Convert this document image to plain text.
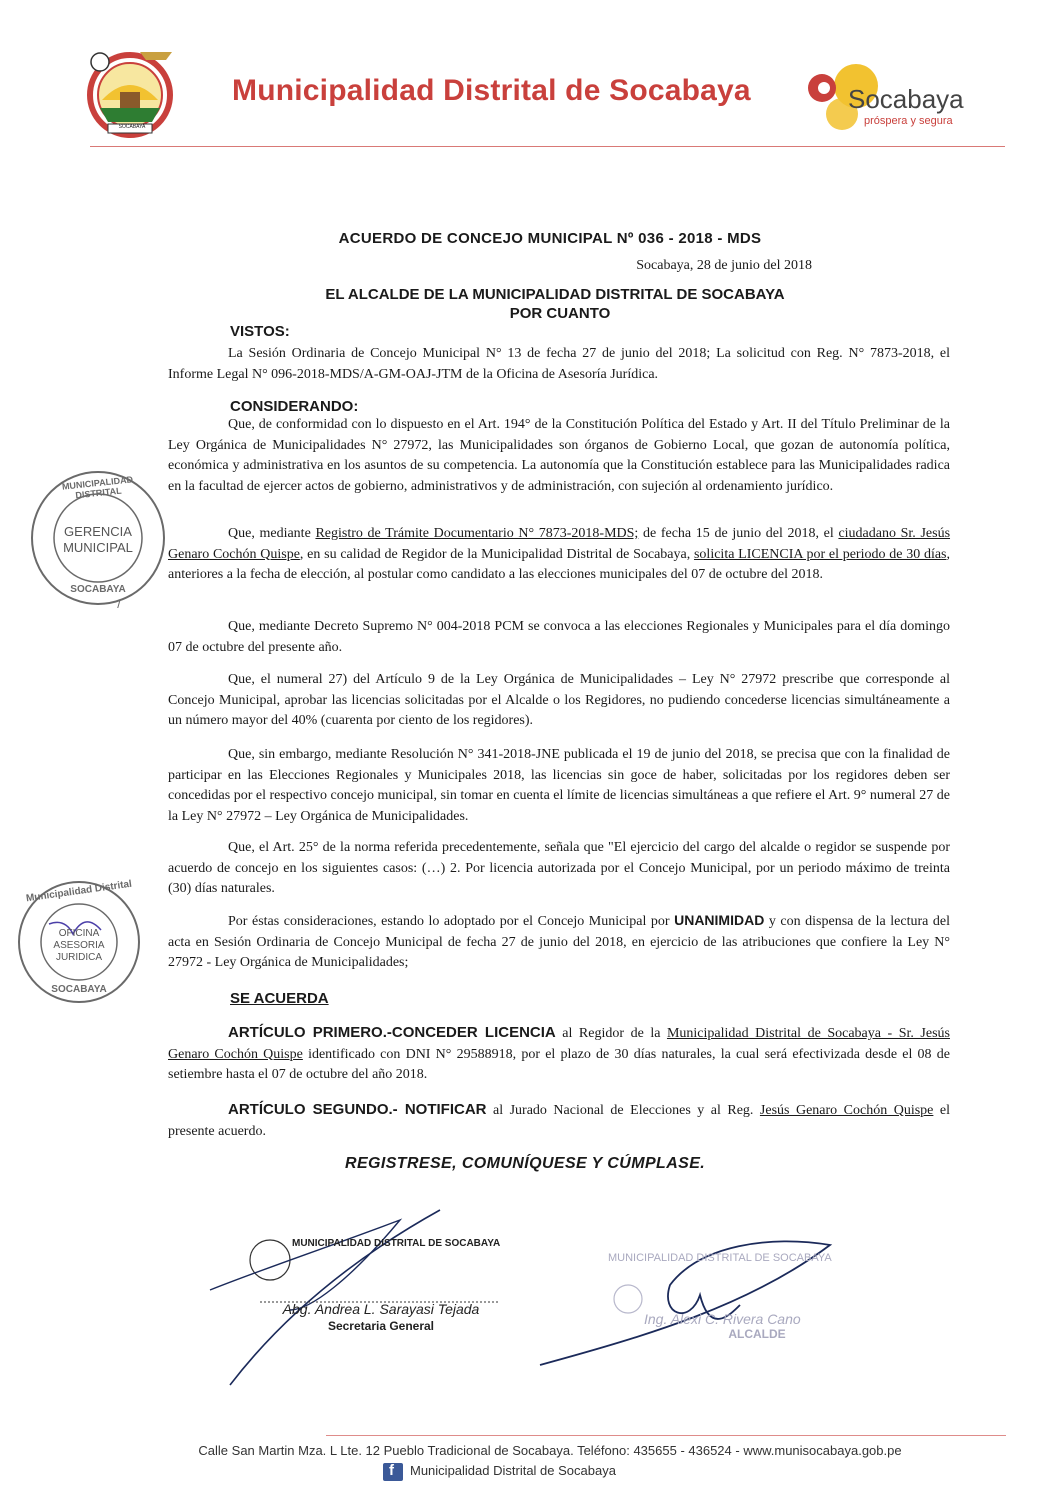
SOCABAYA
Municipalidad Distrital de Socabaya	Socabaya
próspera y segura
ACUERDO DE CONCEJO MUNICIPAL Nº 036 - 2018 - MDS
Socabaya, 28 de junio del 2018
EL ALCALDE DE LA MUNICIPALIDAD DISTRITAL DE SOCABAYA
POR CUANTO
VISTOS:
La Sesión Ordinaria de Concejo Municipal N° 13 de fecha 27 de junio del 2018; La solicitud con Reg. N° 7873-2018, el Informe Legal N° 096-2018-MDS/A-GM-OAJ-JTM de la Oficina de Asesoría Jurídica.
CONSIDERANDO:
Que, de conformidad con lo dispuesto en el Art. 194° de la Constitución Política del Estado y Art. II del Título Preliminar de la Ley Orgánica de Municipalidades N° 27972, las Municipalidades son órganos de Gobierno Local, que gozan de autonomía política, económica y administrativa en los asuntos de su competencia. La autonomía que la Constitución establece para las Municipalidades radica en la facultad de ejercer actos de gobierno, administrativos y de administración, con sujeción al ordenamiento jurídico.
Que, mediante Registro de Trámite Documentario N° 7873-2018-MDS; de fecha 15 de junio del 2018, el ciudadano Sr. Jesús Genaro Cochón Quispe, en su calidad de Regidor de la Municipalidad Distrital de Socabaya, solicita LICENCIA por el periodo de 30 días, anteriores a la fecha de elección, al postular como candidato a las elecciones municipales del 07 de octubre del 2018.
Que, mediante Decreto Supremo N° 004-2018 PCM se convoca a las elecciones Regionales y Municipales para el día domingo 07 de octubre del presente año.
Que, el numeral 27) del Artículo 9 de la Ley Orgánica de Municipalidades – Ley N° 27972 prescribe que corresponde al Concejo Municipal, aprobar las licencias solicitadas por el Alcalde o los Regidores, no pudiendo concederse licencias simultáneamente a un número mayor del 40% (cuarenta por ciento de los regidores).
Que, sin embargo, mediante Resolución N° 341-2018-JNE publicada el 19 de junio del 2018, se precisa que con la finalidad de participar en las Elecciones Regionales y Municipales 2018, las licencias sin goce de haber, solicitadas por los regidores deben ser concedidas por el respectivo concejo municipal, sin tomar en cuenta el límite de licencias simultáneas a que refiere el Art. 9° numeral 27 de la Ley N° 27972 – Ley Orgánica de Municipalidades.
Que, el Art. 25° de la norma referida precedentemente, señala que "El ejercicio del cargo del alcalde o regidor se suspende por acuerdo de concejo en los siguientes casos: (…) 2. Por licencia autorizada por el Concejo Municipal, por un periodo máximo de treinta (30) días naturales.
Por éstas consideraciones, estando lo adoptado por el Concejo Municipal por UNANIMIDAD y con dispensa de la lectura del acta en Sesión Ordinaria de Concejo Municipal de fecha 27 de junio del 2018, en ejercicio de las atribuciones que confiere la Ley N° 27972 - Ley Orgánica de Municipalidades;
SE ACUERDA
ARTÍCULO PRIMERO.-CONCEDER LICENCIA al Regidor de la Municipalidad Distrital de Socabaya - Sr. Jesús Genaro Cochón Quispe identificado con DNI N° 29588918, por el plazo de 30 días naturales, la cual será efectivizada desde el 08 de setiembre hasta el 07 de octubre del año 2018.
ARTÍCULO SEGUNDO.- NOTIFICAR al Jurado Nacional de Elecciones y al Reg. Jesús Genaro Cochón Quispe el presente acuerdo.
REGISTRESE, COMUNÍQUESE Y CÚMPLASE.
MUNICIPALIDAD DISTRITAL
GERENCIA
MUNICIPAL
SOCABAYA
Municipalidad Distrital
OFICINA
ASESORIA
JURIDICA
SOCABAYA
MUNICIPALIDAD DISTRITAL DE SOCABAYA
Abg. Andrea L. Sarayasi Tejada
Secretaria General
MUNICIPALIDAD DISTRITAL DE SOCABAYA
Ing. Alexi C. Rivera Cano
ALCALDE
Calle San Martin Mza. L Lte. 12 Pueblo Tradicional de Socabaya. Teléfono: 435655 - 436524 - www.munisocabaya.gob.pe
f Municipalidad Distrital de Socabaya
